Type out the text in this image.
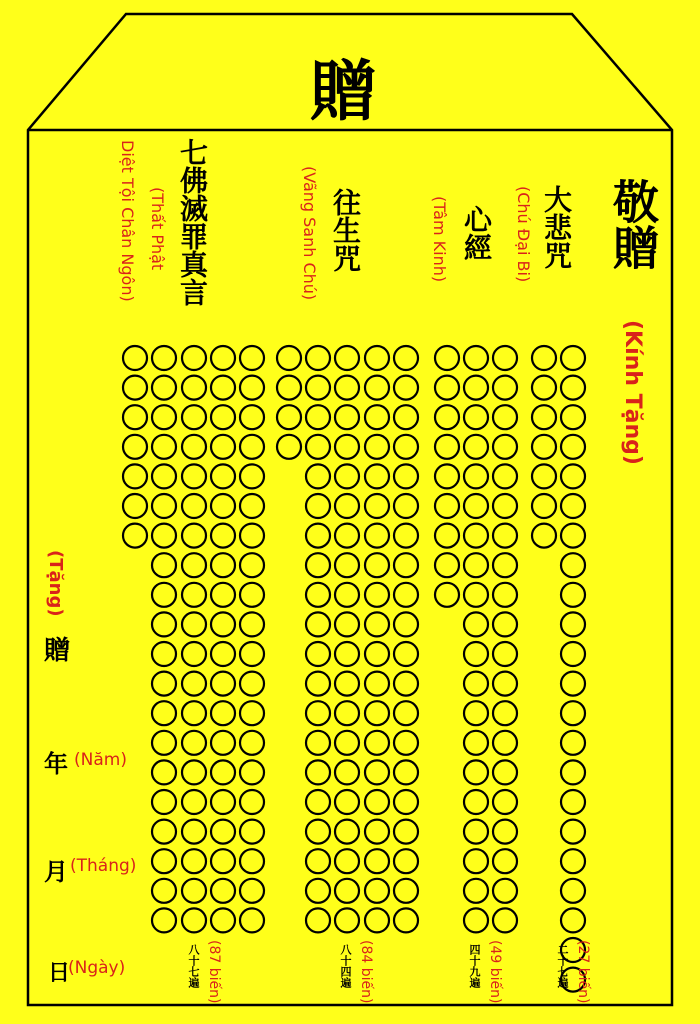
贈
敬贈
(Kính Tặng)
大悲咒
(Chú Đại Bi)
心經
(Tâm Kinh)
往生咒
(Vãng Sanh Chú)
七佛滅罪真言
(Thất Phật
Diệt Tội Chân Ngôn)
二十七遍 (27 biến)
四十九遍 (49 biến)
八十四遍 (84 biến)
八十七遍 (87 biến)
(Tặng)
贈
年 (Năm)
月 (Tháng)
日
(Ngày)
